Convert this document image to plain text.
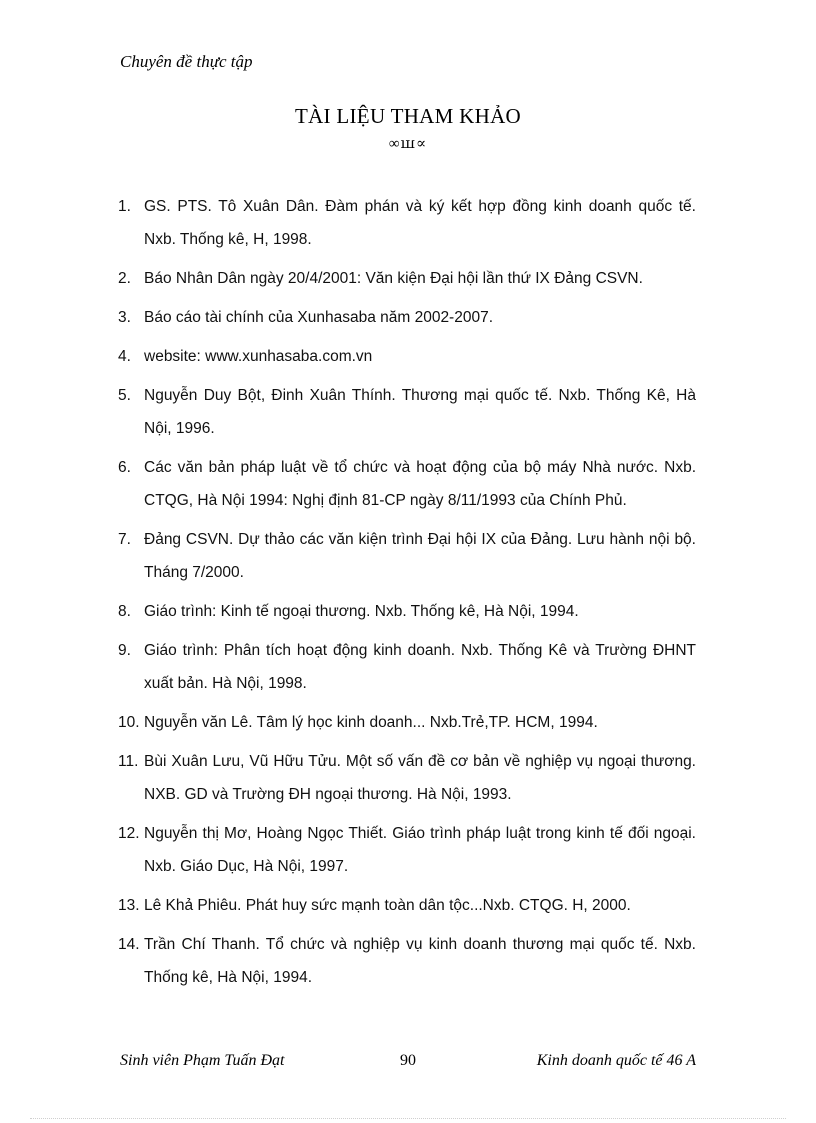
Chuyên đề thực tập
TÀI LIỆU THAM KHẢO
∞ꟺ∝
1. GS. PTS. Tô Xuân Dân. Đàm phán và ký kết hợp đồng kinh doanh quốc tế. Nxb. Thống kê, H, 1998.
2. Báo Nhân Dân ngày 20/4/2001: Văn kiện Đại hội lần thứ IX Đảng CSVN.
3. Báo cáo tài chính của Xunhasaba năm 2002-2007.
4. website: www.xunhasaba.com.vn
5. Nguyễn Duy Bột, Đinh Xuân Thính. Thương mại quốc tế. Nxb. Thống Kê, Hà Nội, 1996.
6. Các văn bản pháp luật về tổ chức và hoạt động của bộ máy Nhà nước. Nxb. CTQG, Hà Nội 1994: Nghị định 81-CP ngày 8/11/1993 của Chính Phủ.
7. Đảng CSVN. Dự thảo các văn kiện trình Đại hội IX của Đảng. Lưu hành nội bộ. Tháng 7/2000.
8. Giáo trình: Kinh tế ngoại thương. Nxb. Thống kê, Hà Nội, 1994.
9. Giáo trình: Phân tích hoạt động kinh doanh. Nxb. Thống Kê và Trường ĐHNT xuất bản. Hà Nội, 1998.
10. Nguyễn văn Lê. Tâm lý học kinh doanh... Nxb.Trẻ,TP. HCM, 1994.
11. Bùi Xuân Lưu, Vũ Hữu Tửu. Một số vấn đề cơ bản về nghiệp vụ ngoại thương. NXB. GD và Trường ĐH ngoại thương. Hà Nội, 1993.
12. Nguyễn thị Mơ, Hoàng Ngọc Thiết. Giáo trình pháp luật trong kinh tế đối ngoại. Nxb. Giáo Dục, Hà Nội, 1997.
13. Lê Khả Phiêu. Phát huy sức mạnh toàn dân tộc...Nxb. CTQG. H, 2000.
14. Trần Chí Thanh. Tổ chức và nghiệp vụ kinh doanh thương mại quốc tế. Nxb. Thống kê, Hà Nội, 1994.
Sinh viên Phạm Tuấn Đạt	90	Kinh doanh quốc tế 46 A
